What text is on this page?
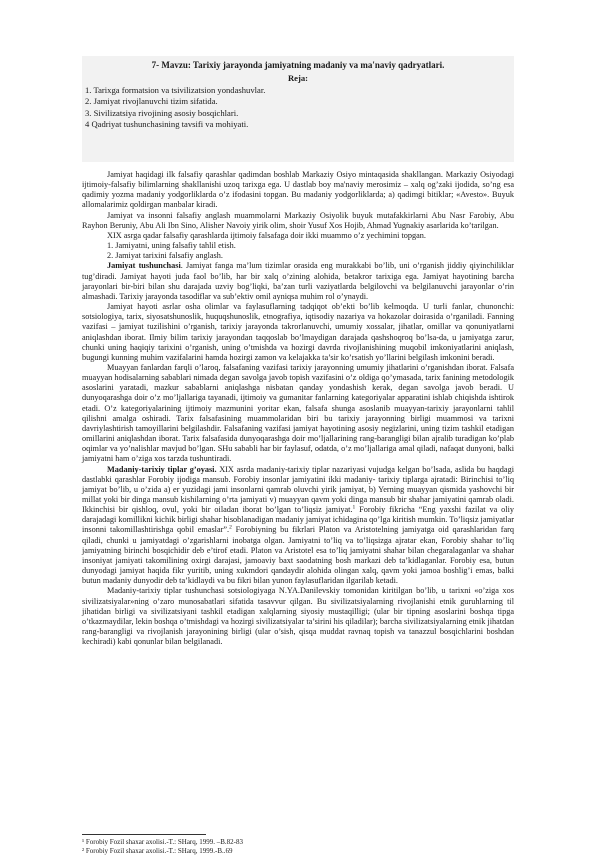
7- Mavzu: Tarixiy jarayonda jamiyatning madaniy va ma'naviy qadryatlari.
Reja:
1. Tarixga formatsion va tsivilizatsion yondashuvlar.
2. Jamiyat rivojlanuvchi tizim sifatida.
3. Sivilizatsiya rivojining asosiy bosqichlari.
4 Qadriyat tushunchasining tavsifi va mohiyati.

Jamiyat haqidagi ilk falsafiy qarashlar qadimdan boshlab Markaziy Osiyo mintaqasida shakllangan. Markaziy Osiyodagi ijtimoiy-falsafiy bilimlarning shakllanishi uzoq tarixga ega. U dastlab boy ma'naviy merosimiz – xalq og’zaki ijodida, so’ng esa qadimiy yozma madaniy yodgorliklarda o’z ifodasini topgan. Bu madaniy yodgorliklarda; a) qadimgi bitiklar; «Avesto». Buyuk allomalarimiz qoldirgan manbalar kiradi.

Jamiyat va insonni falsafiy anglash muammolarni Markaziy Osiyolik buyuk mutafakkirlarni Abu Nasr Farobiy, Abu Rayhon Beruniy, Abu Ali Ibn Sino, Alisher Navoiy yirik olim, shoir Yusuf Xos Hojib, Ahmad Yugnakiy asarlarida ko’tarilgan.

XIX asrga qadar falsafiy qarashlarda ijtimoiy falsafaga doir ikki muammo o’z yechimini topgan.

1. Jamiyatni, uning falsafiy tahlil etish.

2. Jamiyat tarixini falsafiy anglash.

Jamiyat tushunchasi. Jamiyat fanga ma’lum tizimlar orasida eng murakkabi bo’lib, uni o’rganish jiddiy qiyinchiliklar tug’diradi. Jamiyat hayoti juda faol bo’lib, har bir xalq o’zining alohida, betakror tarixiga ega. Jamiyat hayotining barcha jarayonlari bir-biri bilan shu darajada uzviy bog’liqki, ba’zan turli vaziyatlarda belgilovchi va belgilanuvchi jarayonlar o’rin almashadi. Tarixiy jarayonda tasodiflar va sub’ektiv omil ayniqsa muhim rol o’ynaydi.

Jamiyat hayoti asrlar osha olimlar va faylasuflarning tadqiqot ob’ekti bo’lib kelmoqda. U turli fanlar, chunonchi: sotsiologiya, tarix, siyosatshunoslik, huquqshunoslik, etnografiya, iqtisodiy nazariya va hokazolar doirasida o’rganiladi. Fanning vazifasi – jamiyat tuzilishini o’rganish, tarixiy jarayonda takrorlanuvchi, umumiy xossalar, jihatlar, omillar va qonuniyatlarni aniqlashdan iborat. Ilmiy bilim tarixiy jarayondan taqqoslab bo’lmaydigan darajada qashshoqroq bo’lsa-da, u jamiyatga zarur, chunki uning haqiqiy tarixini o’rganish, uning o’tmishda va hozirgi davrda rivojlanishining muqobil imkoniyatlarini aniqlash, bugungi kunning muhim vazifalarini hamda hozirgi zamon va kelajakka ta’sir ko’rsatish yo’llarini belgilash imkonini beradi.

Muayyan fanlardan farqli o’laroq, falsafaning vazifasi tarixiy jarayonning umumiy jihatlarini o’rganishdan iborat. Falsafa muayyan hodisalarning sabablari nimada degan savolga javob topish vazifasini o’z oldiga qo’ymasada, tarix fanining metodologik asoslarini yaratadi, mazkur sabablarni aniqlashga nisbatan qanday yondashish kerak, degan savolga javob beradi. U dunyoqarashga doir o’z mo’ljallariga tayanadi, ijtimoiy va gumanitar fanlarning kategoriyalar apparatini ishlab chiqishda ishtirok etadi. O’z kategoriyalarining ijtimoiy mazmunini yoritar ekan, falsafa shunga asoslanib muayyan-tarixiy jarayonlarni tahlil qilishni amalga oshiradi. Tarix falsafasining muammolaridan biri bu tarixiy jarayonning birligi muammosi va tarixni davriylashtirish tamoyillarini belgilashdir. Falsafaning vazifasi jamiyat hayotining asosiy negizlarini, uning tizim tashkil etadigan omillarini aniqlashdan iborat. Tarix falsafasida dunyoqarashga doir mo’ljallarining rang-barangligi bilan ajralib turadigan ko’plab oqimlar va yo’nalishlar mavjud bo’lgan. SHu sababli har bir faylasuf, odatda, o’z mo’ljallariga amal qiladi, nafaqat dunyoni, balki jamiyatni ham o’ziga xos tarzda tushuntiradi.

Madaniy-tarixiy tiplar g’oyasi. XIX asrda madaniy-tarixiy tiplar nazariyasi vujudga kelgan bo’lsada, aslida bu haqdagi dastlabki qarashlar Forobiy ijodiga mansub. Forobiy insonlar jamiyatini ikki madaniy- tarixiy tiplarga ajratadi: Birinchisi to’liq jamiyat bo’lib, u o’zida a) er yuzidagi jami insonlarni qamrab oluvchi yirik jamiyat, b) Yerning muayyan qismida yashovchi bir millat yoki bir dinga mansub kishilarning o’rta jamiyati v) muayyan qavm yoki dinga mansub bir shahar jamiyatini qamrab oladi. Ikkinchisi bir qishloq, ovul, yoki bir oiladan iborat bo’lgan to’liqsiz jamiyat.$^1$ Forobiy fikricha “Eng yaxshi fazilat va oliy darajadagi komillikni kichik birligi shahar hisoblanadigan madaniy jamiyat ichidagina qo’lga kiritish mumkin. To’liqsiz jamiyatlar insonni takomillashtirishga qobil emaslar”.$^2$ Forobiyning bu fikrlari Platon va Aristotelning jamiyatga oid qarashlaridan farq qiladi, chunki u jamiyatdagi o’zgarishlarni inobatga olgan. Jamiyatni to’liq va to’liqsizga ajratar ekan, Forobiy shahar to’liq jamiyatning birinchi bosqichidir deb e’tirof etadi. Platon va Aristotel esa to’liq jamiyatni shahar bilan chegaralaganlar va shahar insoniyat jamiyati takomilining oxirgi darajasi, jamoaviy baxt saodatning bosh markazi deb ta’kidlaganlar. Forobiy esa, butun dunyodagi jamiyat haqida fikr yuritib, uning xukmdori qandaydir alohida olingan xalq, qavm yoki jamoa boshlig’i emas, balki butun madaniy dunyodir deb ta’kidlaydi va bu fikri bilan yunon faylasuflaridan ilgarilab ketadi.

Madaniy-tarixiy tiplar tushunchasi sotsiologiyaga N.YA.Danilevskiy tomonidan kiritilgan bo’lib, u tarixni «o’ziga xos sivilizatsiyalar»ning o’zaro munosabatlari sifatida tasavvur qilgan. Bu sivilizatsiyalarning rivojlanishi etnik guruhlarning til jihatidan birligi va sivilizatsiyani tashkil etadigan xalqlarning siyosiy mustaqilligi; (ular bir tipning asoslarini boshqa tipga o’tkazmaydilar, lekin boshqa o’tmishdagi va hozirgi sivilizatsiyalar ta’sirini his qiladilar); barcha sivilizatsiyalarning etnik jihatdan rang-barangligi va rivojlanish jarayonining birligi (ular o’sish, qisqa muddat ravnaq topish va tanazzul bosqichlarini boshdan kechiradi) kabi qonunlar bilan belgilanadi.

¹ Forobiy Fozil shaxar axolisi.-T.: SHarq, 1999. –B.82-83
² Forobiy Fozil shaxar axolisi.-T.: SHarq, 1999.-B..69
